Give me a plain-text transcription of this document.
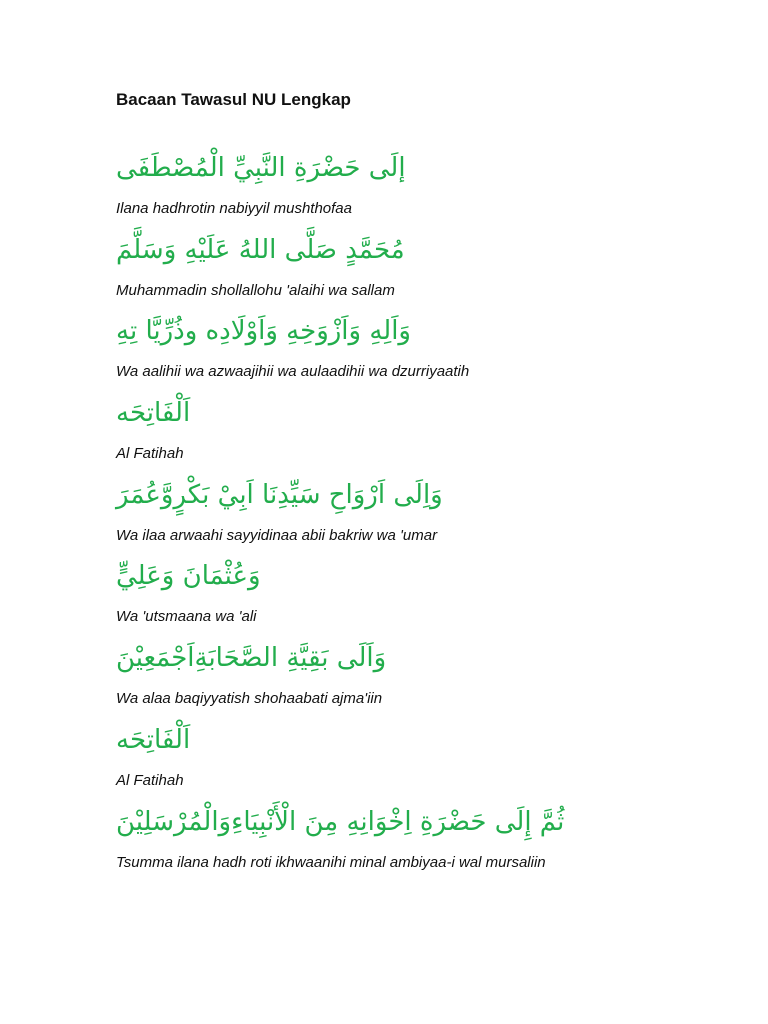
Bacaan Tawasul NU Lengkap
إلَى حَضْرَةِ النَّبِيِّ الْمُصْطَفَى
Ilana hadhrotin nabiyyil mushthofaa
مُحَمَّدٍ صَلَّى اللهُ عَلَيْهِ وَسَلَّمَ
Muhammadin shollallohu 'alaihi wa sallam
وَاَلِهِ وَاَزْوَخِهِ وَاَوْلَادِه وذُرِّيَّا تِهِ
Wa aalihii wa azwaajihii wa aulaadihii wa dzurriyaatih
اَلْفَاتِحَه
Al Fatihah
وَاِلَى اَرْوَاحِ سَيِّدِنَا اَبِيْ بَكْرٍوَّعُمَرَ
Wa ilaa arwaahi sayyidinaa abii bakriw wa 'umar
وَعُثْمَانَ وَعَلِيٍّ
Wa 'utsmaana wa 'ali
وَاَلَى بَقِيَّةِ الصَّحَابَةِاَجْمَعِيْنَ
Wa alaa baqiyyatish shohaabati ajma'iin
اَلْفَاتِحَه
Al Fatihah
ثُمَّ إِلَى حَضْرَةِ اِخْوَانِهِ مِنَ الْأَنْبِيَاءِوَالْمُرْسَلِيْنَ
Tsumma ilana hadh roti ikhwaanihi minal ambiyaa-i wal mursaliin
